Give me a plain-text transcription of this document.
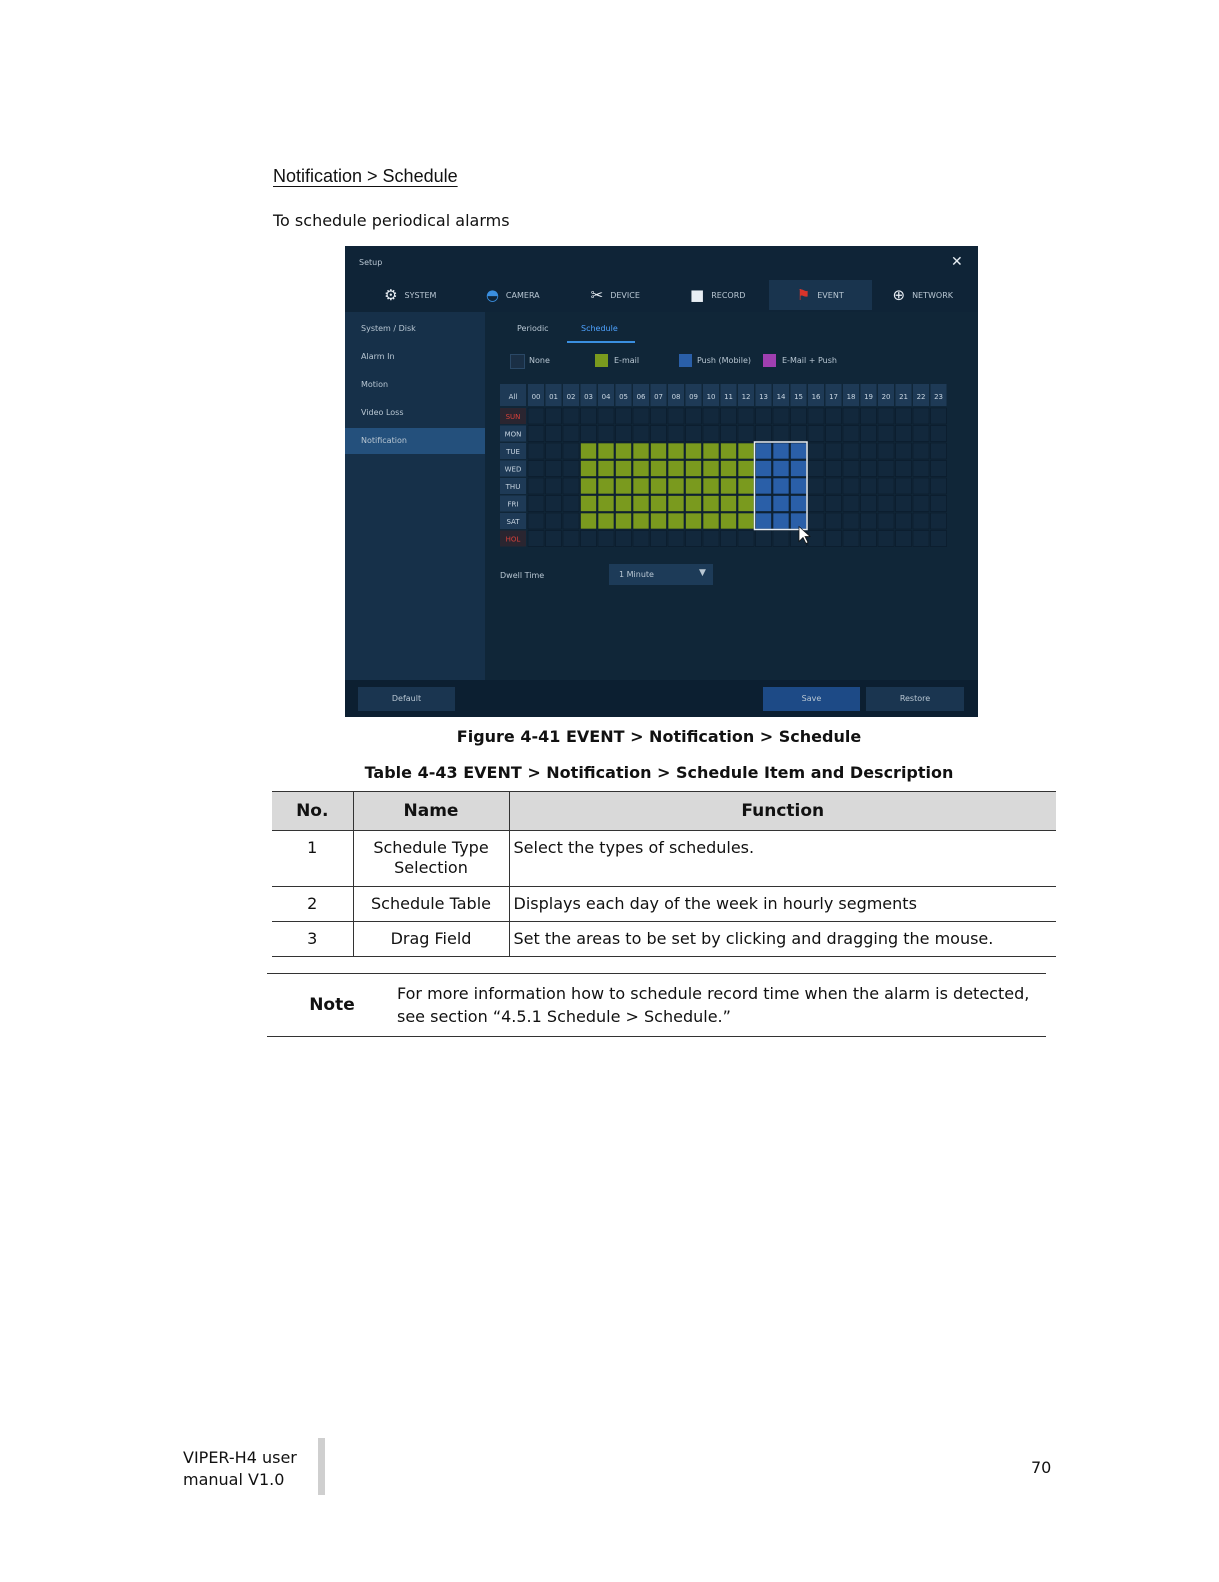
Notification > Schedule
To schedule periodical alarms
Setup	✕
⚙ SYSTEM	◓ CAMERA	✂ DEVICE	■ RECORD	⚑ EVENT	⊕ NETWORK
System / Disk
Alarm In
Motion
Video Loss
Notification
Periodic	Schedule
None	E-mail	Push (Mobile)	E-Mail + Push
All 00 01 02 03 04 05 06 07 08 09 10 11 12 13 14 15 16 17 18 19 20 21 22 23
SUN
MON
TUE
WED
THU
FRI
SAT
HOL
Dwell Time	1 Minute	▼
Default	Save	Restore
Figure 4-41 EVENT > Notification > Schedule
Table 4-43 EVENT > Notification > Schedule Item and Description
No.	Name	Function
1	Schedule Type Selection	Select the types of schedules.
2	Schedule Table	Displays each day of the week in hourly segments
3	Drag Field	Set the areas to be set by clicking and dragging the mouse.
Note	For more information how to schedule record time when the alarm is detected, see section “4.5.1 Schedule > Schedule.”
VIPER-H4 user
manual V1.0
70
